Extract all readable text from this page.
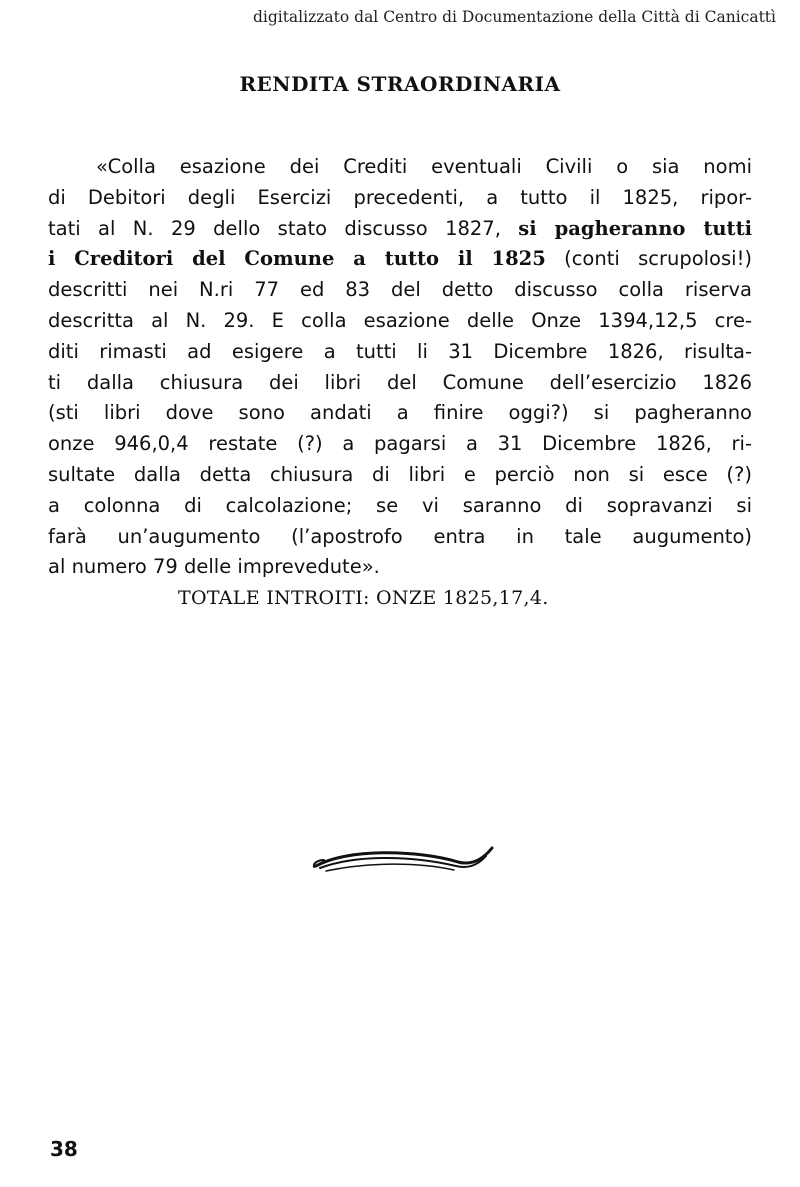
digitalizzato dal Centro di Documentazione della Città di Canicattì
RENDITA STRAORDINARIA
«Colla esazione dei Crediti eventuali Civili o sia nomi
di Debitori degli Esercizi precedenti, a tutto il 1825, ripor-
tati al N. 29 dello stato discusso 1827, si pagheranno tutti
i Creditori del Comune a tutto il 1825 (conti scrupolosi!)
descritti nei N.ri 77 ed 83 del detto discusso colla riserva
descritta al N. 29. E colla esazione delle Onze 1394,12,5 cre-
diti rimasti ad esigere a tutti li 31 Dicembre 1826, risulta-
ti dalla chiusura dei libri del Comune dell’esercizio 1826
(sti libri dove sono andati a finire oggi?) si pagheranno
onze 946,0,4 restate (?) a pagarsi a 31 Dicembre 1826, ri-
sultate dalla detta chiusura di libri e perciò non si esce (?)
a colonna di calcolazione; se vi saranno di sopravanzi si
farà un’augumento (l’apostrofo entra in tale augumento)
al numero 79 delle imprevedute».
TOTALE INTROITI: ONZE 1825,17,4.
38
